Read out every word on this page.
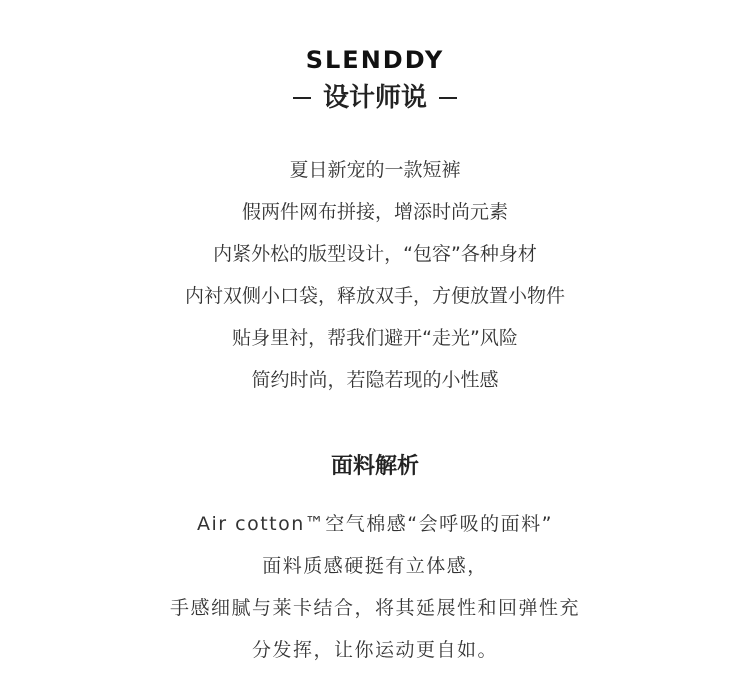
SLENDDY
设计师说
夏日新宠的一款短裤
假两件网布拼接，增添时尚元素
内紧外松的版型设计，“包容”各种身材
内衬双侧小口袋，释放双手，方便放置小物件
贴身里衬，帮我们避开“走光”风险
简约时尚，若隐若现的小性感
面料解析
Air cotton™空气棉感“会呼吸的面料”
面料质感硬挺有立体感，
手感细腻与莱卡结合，将其延展性和回弹性充
分发挥，让你运动更自如。
